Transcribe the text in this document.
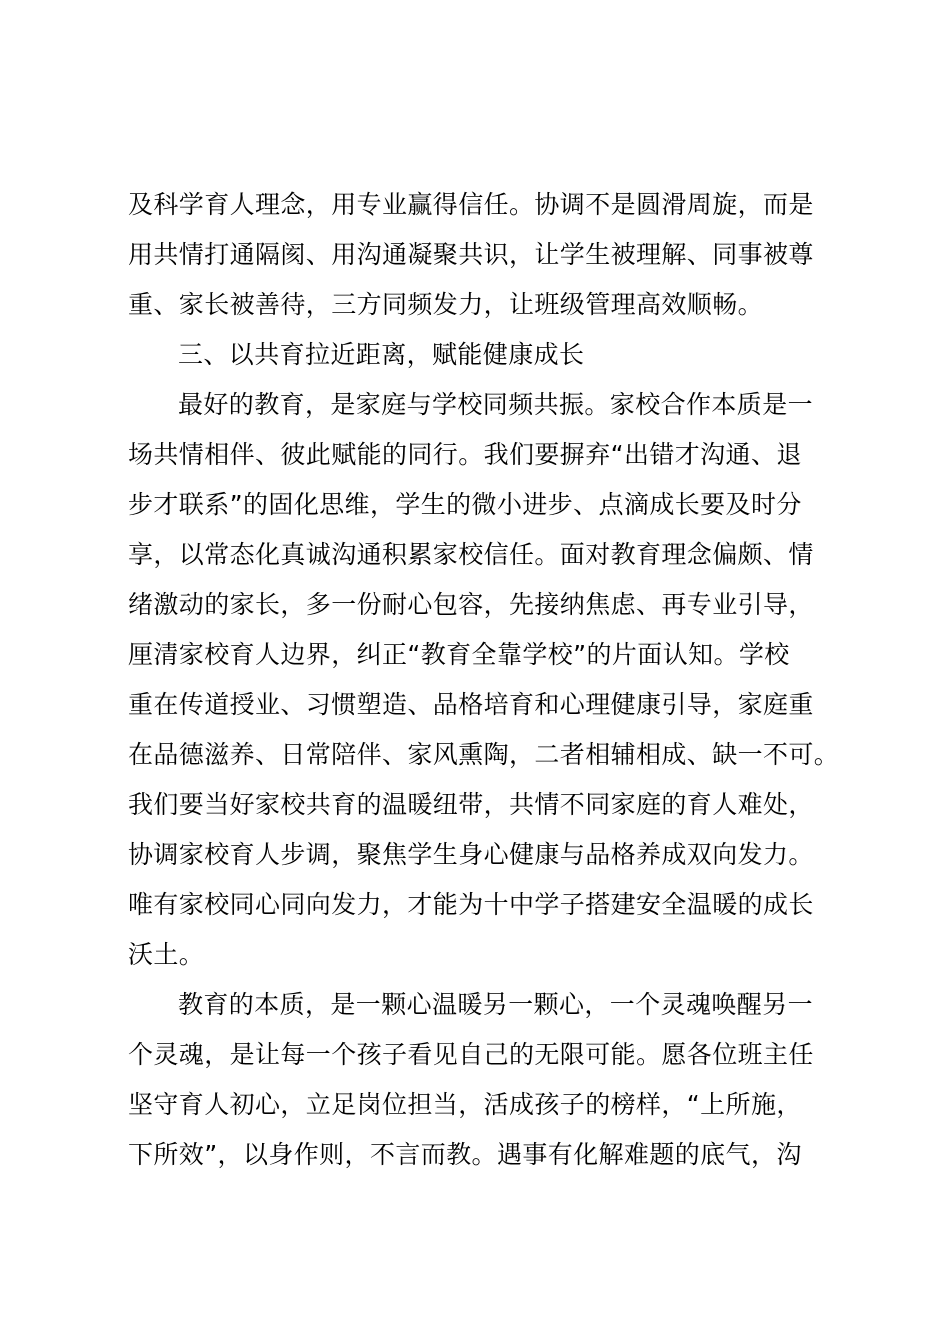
及科学育人理念，用专业赢得信任。协调不是圆滑周旋，而是
用共情打通隔阂、用沟通凝聚共识，让学生被理解、同事被尊
重、家长被善待，三方同频发力，让班级管理高效顺畅。
三、以共育拉近距离，赋能健康成长
最好的教育，是家庭与学校同频共振。家校合作本质是一
场共情相伴、彼此赋能的同行。我们要摒弃“出错才沟通、退
步才联系”的固化思维，学生的微小进步、点滴成长要及时分
享，以常态化真诚沟通积累家校信任。面对教育理念偏颇、情
绪激动的家长，多一份耐心包容，先接纳焦虑、再专业引导，
厘清家校育人边界，纠正“教育全靠学校”的片面认知。学校
重在传道授业、习惯塑造、品格培育和心理健康引导，家庭重
在品德滋养、日常陪伴、家风熏陶，二者相辅相成、缺一不可。
我们要当好家校共育的温暖纽带，共情不同家庭的育人难处，
协调家校育人步调，聚焦学生身心健康与品格养成双向发力。
唯有家校同心同向发力，才能为十中学子搭建安全温暖的成长
沃土。
教育的本质，是一颗心温暖另一颗心，一个灵魂唤醒另一
个灵魂，是让每一个孩子看见自己的无限可能。愿各位班主任
坚守育人初心，立足岗位担当，活成孩子的榜样，“上所施，
下所效”，以身作则，不言而教。遇事有化解难题的底气，沟
